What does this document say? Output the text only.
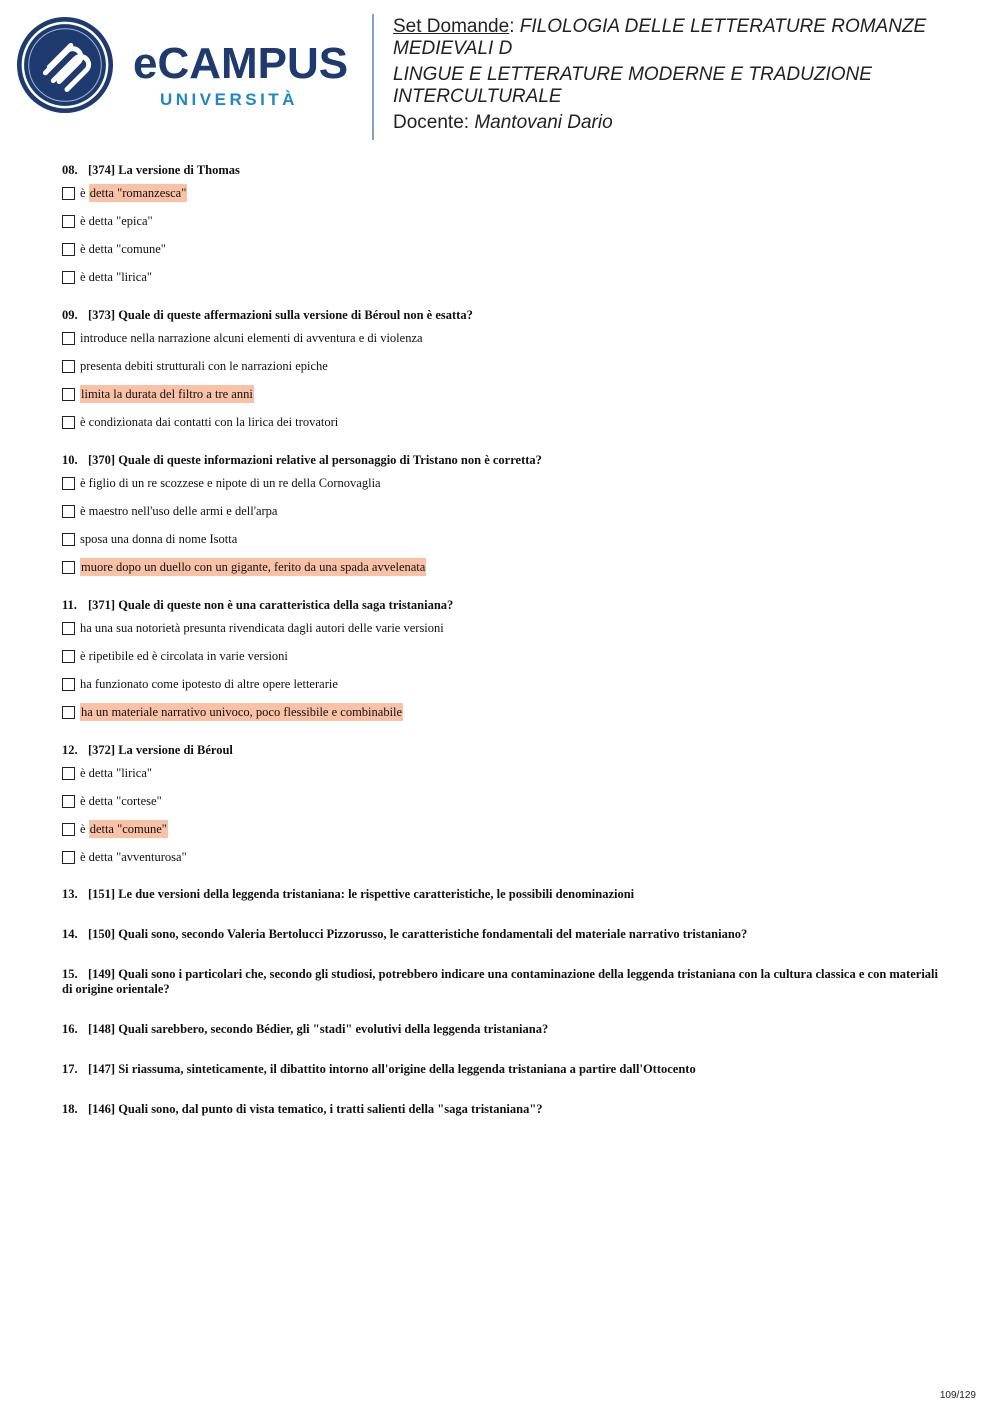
eCAMPUS
UNIVERSITÀ

Set Domande: FILOLOGIA DELLE LETTERATURE ROMANZE MEDIEVALI D

LINGUE E LETTERATURE MODERNE E TRADUZIONE INTERCULTURALE

Docente: Mantovani Dario

08. [374] La versione di Thomas

è detta "romanzesca"
è detta "epica"
è detta "comune"
è detta "lirica"

09. [373] Quale di queste affermazioni sulla versione di Béroul non è esatta?

introduce nella narrazione alcuni elementi di avventura e di violenza
presenta debiti strutturali con le narrazioni epiche
limita la durata del filtro a tre anni
è condizionata dai contatti con la lirica dei trovatori

10. [370] Quale di queste informazioni relative al personaggio di Tristano non è corretta?

è figlio di un re scozzese e nipote di un re della Cornovaglia
è maestro nell'uso delle armi e dell'arpa
sposa una donna di nome Isotta
muore dopo un duello con un gigante, ferito da una spada avvelenata

11. [371] Quale di queste non è una caratteristica della saga tristaniana?

ha una sua notorietà presunta rivendicata dagli autori delle varie versioni
è ripetibile ed è circolata in varie versioni
ha funzionato come ipotesto di altre opere letterarie
ha un materiale narrativo univoco, poco flessibile e combinabile

12. [372] La versione di Béroul

è detta "lirica"
è detta "cortese"
è detta "comune"
è detta "avventurosa"

13. [151] Le due versioni della leggenda tristaniana: le rispettive caratteristiche, le possibili denominazioni

14. [150] Quali sono, secondo Valeria Bertolucci Pizzorusso, le caratteristiche fondamentali del materiale narrativo tristaniano?

15. [149] Quali sono i particolari che, secondo gli studiosi, potrebbero indicare una contaminazione della leggenda tristaniana con la cultura classica e con materiali di origine orientale?

16. [148] Quali sarebbero, secondo Bédier, gli "stadi" evolutivi della leggenda tristaniana?

17. [147] Si riassuma, sinteticamente, il dibattito intorno all'origine della leggenda tristaniana a partire dall'Ottocento

18. [146] Quali sono, dal punto di vista tematico, i tratti salienti della "saga tristaniana"?

109/129
